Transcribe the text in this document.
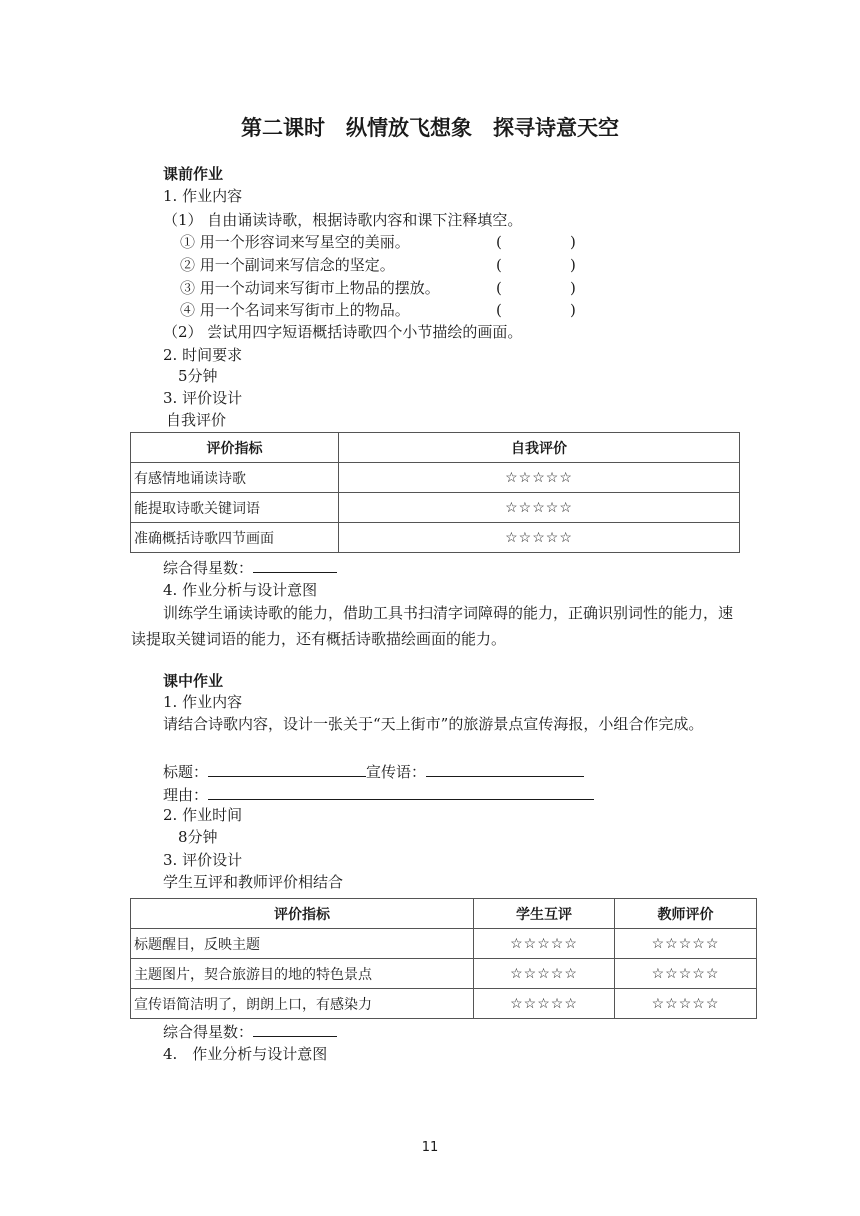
第二课时　纵情放飞想象　探寻诗意天空
课前作业
1. 作业内容
（1） 自由诵读诗歌，根据诗歌内容和课下注释填空。
① 用一个形容词来写星空的美丽。	(	)
② 用一个副词来写信念的坚定。	(	)
③ 用一个动词来写街市上物品的摆放。	(	)
④ 用一个名词来写街市上的物品。	(	)
（2） 尝试用四字短语概括诗歌四个小节描绘的画面。
2. 时间要求
5分钟
3. 评价设计
自我评价
评价指标	自我评价
有感情地诵读诗歌	☆☆☆☆☆
能提取诗歌关键词语	☆☆☆☆☆
准确概括诗歌四节画面	☆☆☆☆☆
综合得星数：
4. 作业分析与设计意图
训练学生诵读诗歌的能力，借助工具书扫清字词障碍的能力，正确识别词性的能力，速读提取关键词语的能力，还有概括诗歌描绘画面的能力。
课中作业
1. 作业内容
请结合诗歌内容，设计一张关于“天上街市”的旅游景点宣传海报，小组合作完成。
标题：	宣传语：
理由：
2. 作业时间
8分钟
3. 评价设计
学生互评和教师评价相结合
评价指标	学生互评	教师评价
标题醒目，反映主题	☆☆☆☆☆	☆☆☆☆☆
主题图片，契合旅游目的地的特色景点	☆☆☆☆☆	☆☆☆☆☆
宣传语简洁明了，朗朗上口，有感染力	☆☆☆☆☆	☆☆☆☆☆
综合得星数：
4.　作业分析与设计意图
11
